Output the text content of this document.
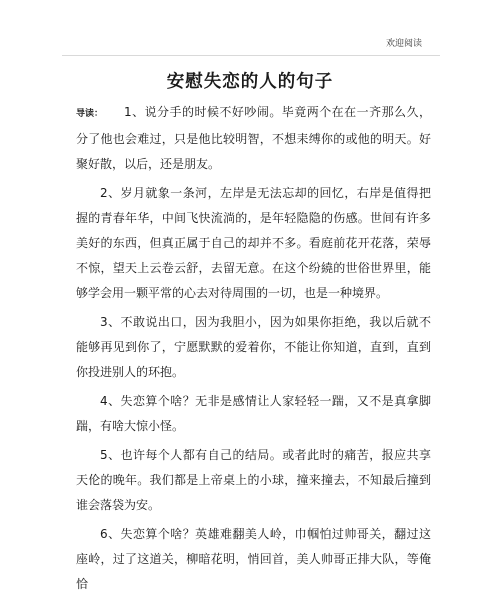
欢迎阅读
安慰失恋的人的句子

导读： 1、说分手的时候不好吵闹。毕竟两个在在一齐那么久，分了他也会难过，只是他比较明智，不想耒缚你的或他的明天。好聚好散，以后，还是朋友。

2、岁月就象一条河，左岸是无法忘却的回忆，右岸是值得把握的青春年华，中间飞快流淌的，是年轻隐隐的伤感。世间有许多美好的东西，但真正属于自己的却并不多。看庭前花开花落，荣辱不惊，望天上云卷云舒，去留无意。在这个纷繞的世俗世界里，能够学会用一颗平常的心去对待周围的一切，也是一种境界。

3、不敢说出口，因为我胆小，因为如果你拒绝，我以后就不能够再见到你了，宁愿默默的爱着你，不能让你知道，直到，直到你投进别人的环抱。

4、失恋算个啥？无非是感情让人家轻轻一踹，又不是真拿脚踹，有啥大惊小怪。

5、也许每个人都有自己的结局。或者此时的痛苦，报应共享天伦的晚年。我们都是上帝桌上的小球，撞来撞去，不知最后撞到谁会落袋为安。

6、失恋算个啥？英雄难翻美人岭，巾帼怕过帅哥关，翻过这座岭，过了这道关，柳暗花明，悄回首，美人帅哥正排大队，等俺恰
